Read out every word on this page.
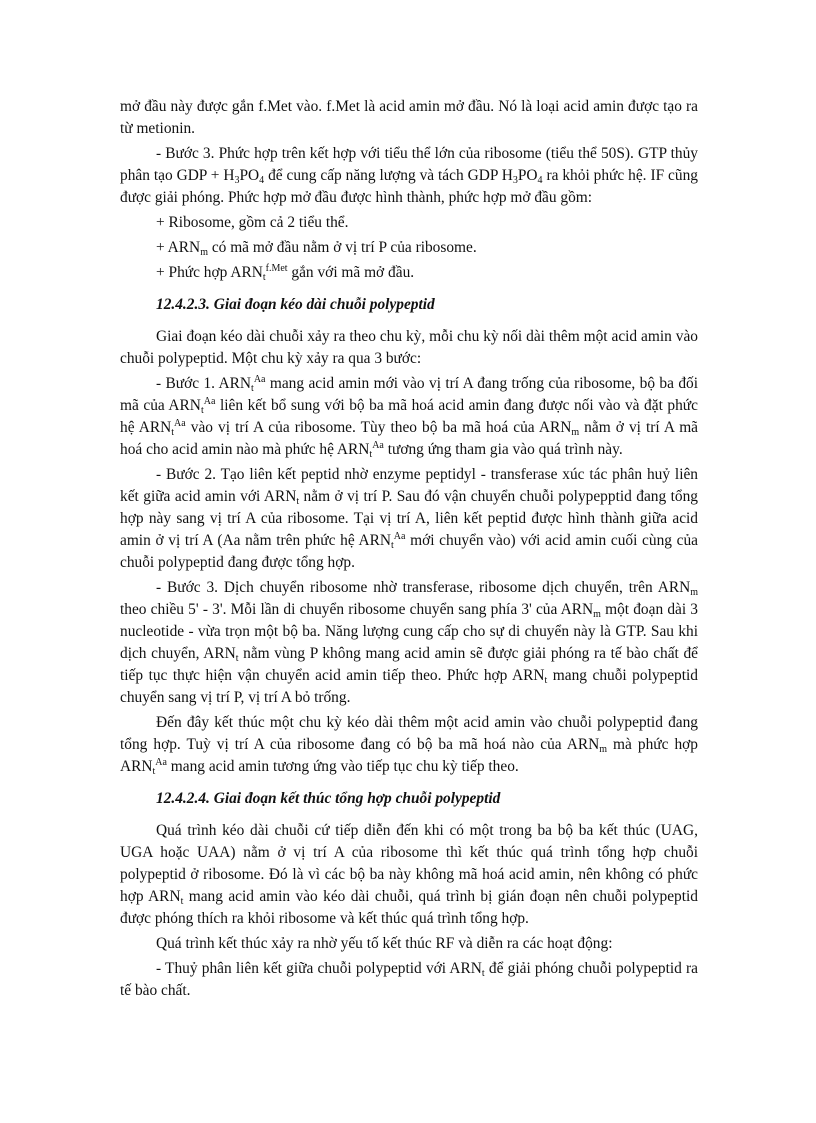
mở đầu này được gắn f.Met vào. f.Met là acid amin mở đầu. Nó là loại acid amin được tạo ra từ metionin.

- Bước 3. Phức hợp trên kết hợp với tiểu thể lớn của ribosome (tiểu thể 50S). GTP thủy phân tạo GDP + $H_3PO_4$ để cung cấp năng lượng và tách GDP $H_3PO_4$ ra khỏi phức hệ. IF cũng được giải phóng. Phức hợp mở đầu được hình thành, phức hợp mở đầu gồm:

+ Ribosome, gồm cả 2 tiểu thể.

+ $ARN_m$ có mã mở đầu nằm ở vị trí P của ribosome.

+ Phức hợp $ARN_t^{f.Met}$ gắn với mã mở đầu.

12.4.2.3. Giai đoạn kéo dài chuỗi polypeptid

Giai đoạn kéo dài chuỗi xảy ra theo chu kỳ, mỗi chu kỳ nối dài thêm một acid amin vào chuỗi polypeptid. Một chu kỳ xảy ra qua 3 bước:

- Bước 1. $ARN_t^{Aa}$ mang acid amin mới vào vị trí A đang trống của ribosome, bộ ba đối mã của $ARN_t^{Aa}$ liên kết bổ sung với bộ ba mã hoá acid amin đang được nối vào và đặt phức hệ $ARN_t^{Aa}$ vào vị trí A của ribosome. Tùy theo bộ ba mã hoá của $ARN_m$ nằm ở vị trí A mã hoá cho acid amin nào mà phức hệ $ARN_t^{Aa}$ tương ứng tham gia vào quá trình này.

- Bước 2. Tạo liên kết peptid nhờ enzyme peptidyl - transferase xúc tác phân huỷ liên kết giữa acid amin với $ARN_t$ nằm ở vị trí P. Sau đó vận chuyển chuỗi polypepptid đang tổng hợp này sang vị trí A của ribosome. Tại vị trí A, liên kết peptid được hình thành giữa acid amin ở vị trí A (Aa nằm trên phức hệ $ARN_t^{Aa}$ mới chuyển vào) với acid amin cuối cùng của chuỗi polypeptid đang được tổng hợp.

- Bước 3. Dịch chuyển ribosome nhờ transferase, ribosome dịch chuyển, trên $ARN_m$ theo chiều 5' - 3'. Mỗi lần di chuyển ribosome chuyển sang phía 3' của $ARN_m$ một đoạn dài 3 nucleotide - vừa trọn một bộ ba. Năng lượng cung cấp cho sự di chuyển này là GTP. Sau khi dịch chuyển, $ARN_t$ nằm vùng P không mang acid amin sẽ được giải phóng ra tế bào chất để tiếp tục thực hiện vận chuyển acid amin tiếp theo. Phức hợp $ARN_t$ mang chuỗi polypeptid chuyển sang vị trí P, vị trí A bỏ trống.

Đến đây kết thúc một chu kỳ kéo dài thêm một acid amin vào chuỗi polypeptid đang tổng hợp. Tuỳ vị trí A của ribosome đang có bộ ba mã hoá nào của $ARN_m$ mà phức hợp $ARN_t^{Aa}$ mang acid amin tương ứng vào tiếp tục chu kỳ tiếp theo.

12.4.2.4. Giai đoạn kết thúc tổng hợp chuỗi polypeptid

Quá trình kéo dài chuỗi cứ tiếp diễn đến khi có một trong ba bộ ba kết thúc (UAG, UGA hoặc UAA) nằm ở vị trí A của ribosome thì kết thúc quá trình tổng hợp chuỗi polypeptid ở ribosome. Đó là vì các bộ ba này không mã hoá acid amin, nên không có phức hợp $ARN_t$ mang acid amin vào kéo dài chuỗi, quá trình bị gián đoạn nên chuỗi polypeptid được phóng thích ra khỏi ribosome và kết thúc quá trình tổng hợp.

Quá trình kết thúc xảy ra nhờ yếu tố kết thúc RF và diễn ra các hoạt động:

- Thuỷ phân liên kết giữa chuỗi polypeptid với $ARN_t$ để giải phóng chuỗi polypeptid ra tế bào chất.
